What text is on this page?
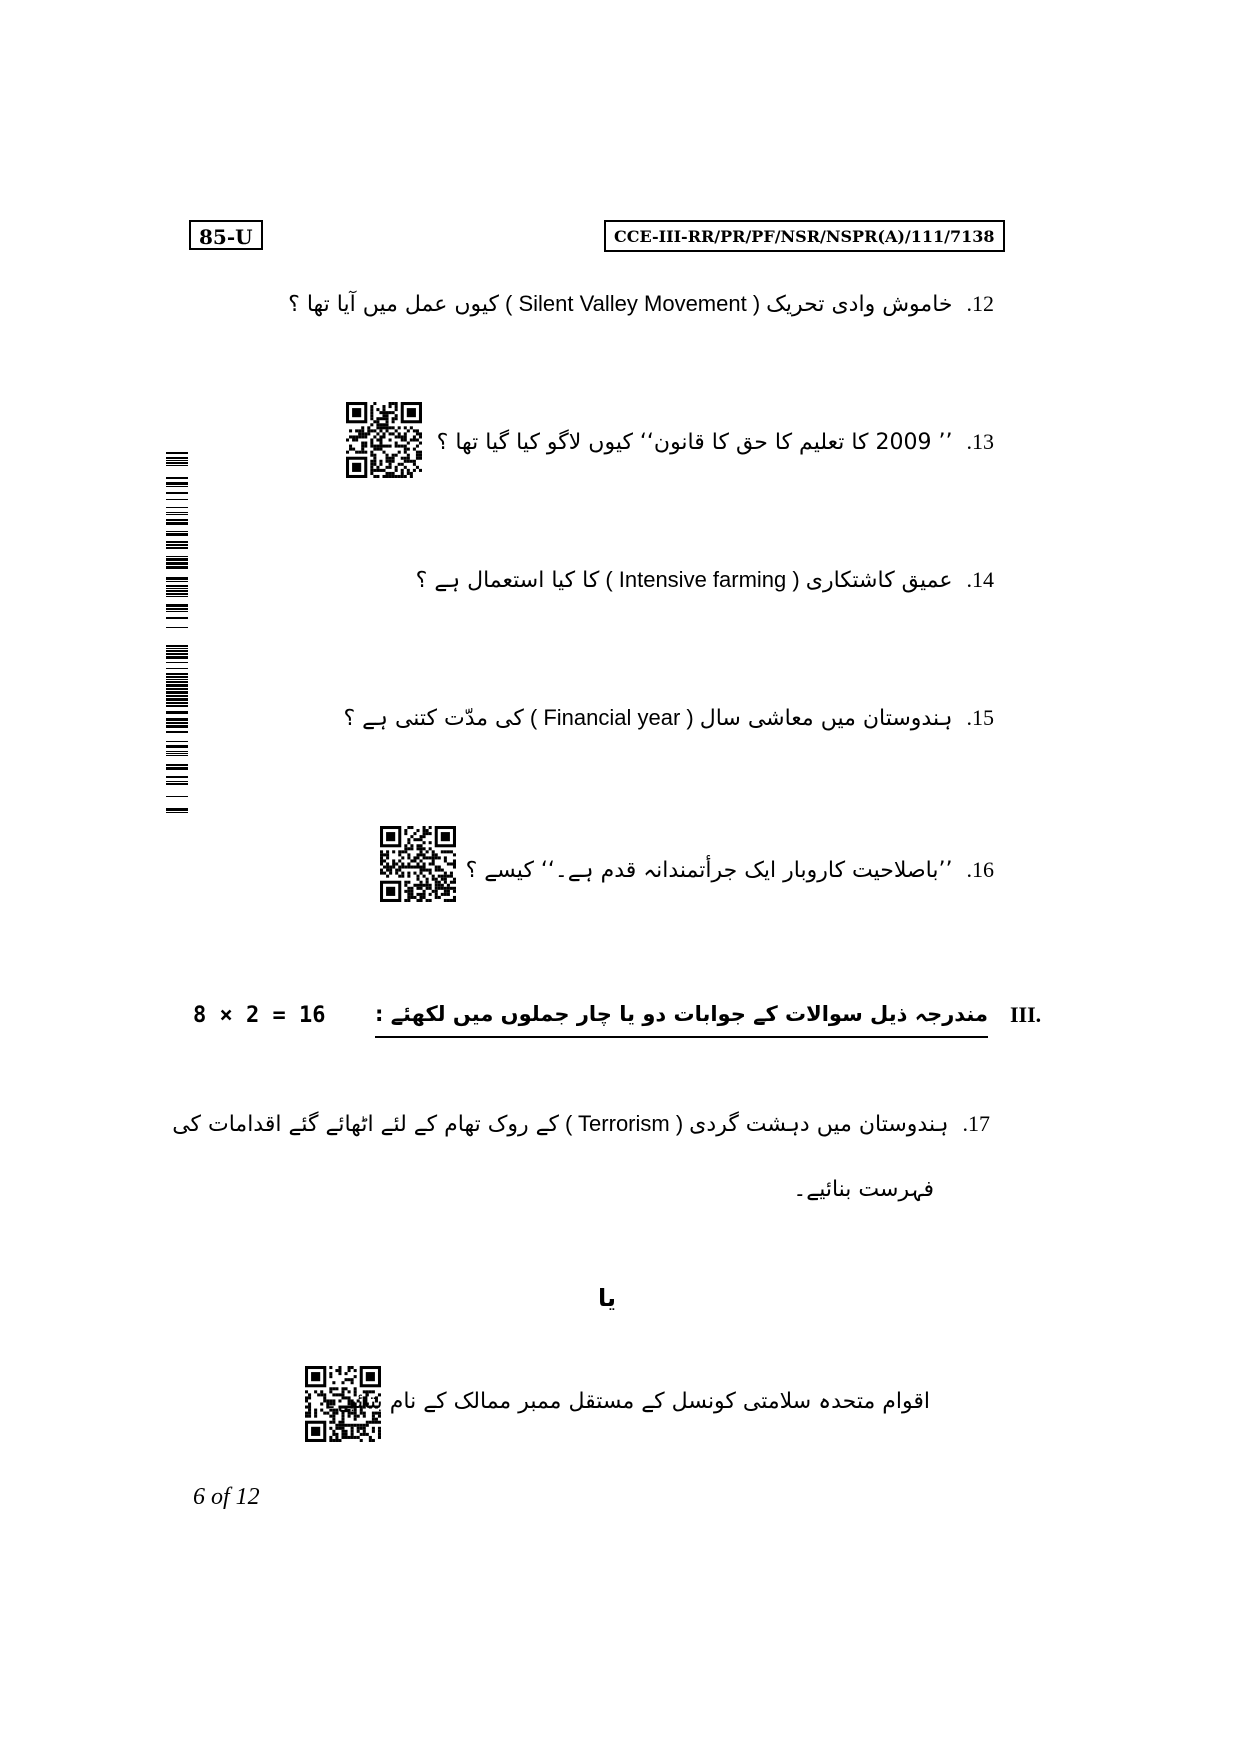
85-U	CCE-III-RR/PR/PF/NSR/NSPR(A)/111/7138
12.خاموش وادی تحریک( Silent Valley Movement )کیوں عمل میں آیا تھا ؟
13.’’ 2009 کا تعلیم کا حق کا قانون‘‘ کیوں لاگو کیا گیا تھا ؟
14.عمیق کاشتکاری( Intensive farming )کا کیا استعمال ہے ؟
15.ہندوستان میں معاشی سال( Financial year )کی مدّت کتنی ہے ؟
16.’’باصلاحیت کاروبار ایک جرأتمندانہ قدم ہے۔‘‘ کیسے ؟
8 × 2 = 16 مندرجہ ذیل سوالات کے جوابات دو یا چار جملوں میں لکھئے : III.
17.ہندوستان میں دہشت گردی( Terrorism )کے روک تھام کے لئے اٹھائے گئے اقدامات کی
فہرست بنائیے۔
یا
اقوام متحدہ سلامتی کونسل کے مستقل ممبر ممالک کے نام بتائیے۔
6 of 12
